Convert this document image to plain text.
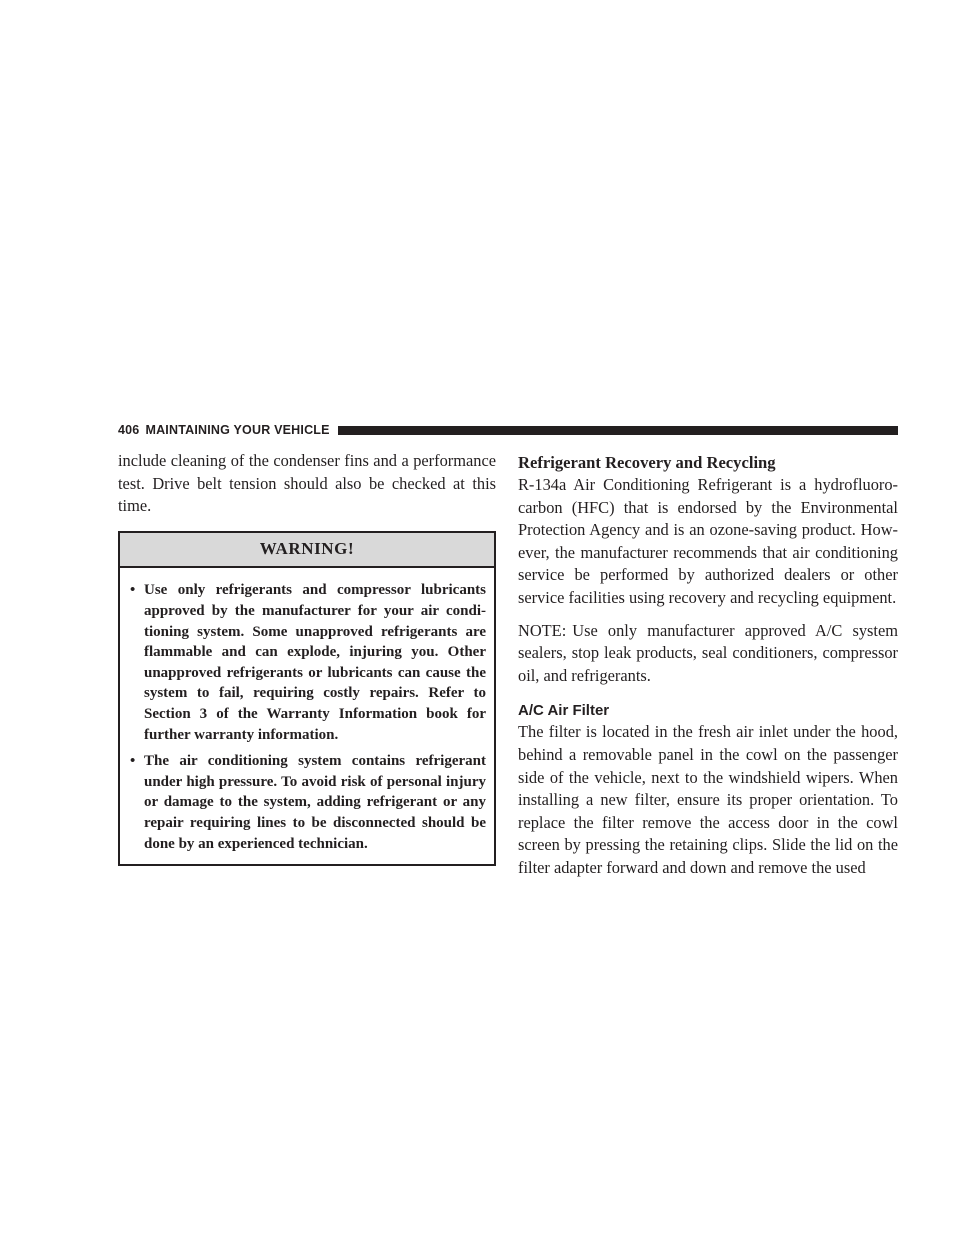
406 MAINTAINING YOUR VEHICLE

include cleaning of the condenser fins and a performance test. Drive belt tension should also be checked at this time.

WARNING!
• Use only refrigerants and compressor lubricants approved by the manufacturer for your air condi- tioning system. Some unapproved refrigerants are flammable and can explode, injuring you. Other unapproved refrigerants or lubricants can cause the system to fail, requiring costly repairs. Refer to Section 3 of the Warranty Information book for further warranty information.
• The air conditioning system contains refrigerant under high pressure. To avoid risk of personal injury or damage to the system, adding refrigerant or any repair requiring lines to be disconnected should be done by an experienced technician.
Refrigerant Recovery and Recycling

R-134a Air Conditioning Refrigerant is a hydrofluoro- carbon (HFC) that is endorsed by the Environmental Protection Agency and is an ozone-saving product. How- ever, the manufacturer recommends that air conditioning service be performed by authorized dealers or other service facilities using recovery and recycling equipment.

NOTE: Use only manufacturer approved A/C system sealers, stop leak products, seal conditioners, compressor oil, and refrigerants.

A/C Air Filter

The filter is located in the fresh air inlet under the hood, behind a removable panel in the cowl on the passenger side of the vehicle, next to the windshield wipers. When installing a new filter, ensure its proper orientation. To replace the filter remove the access door in the cowl screen by pressing the retaining clips. Slide the lid on the filter adapter forward and down and remove the used
